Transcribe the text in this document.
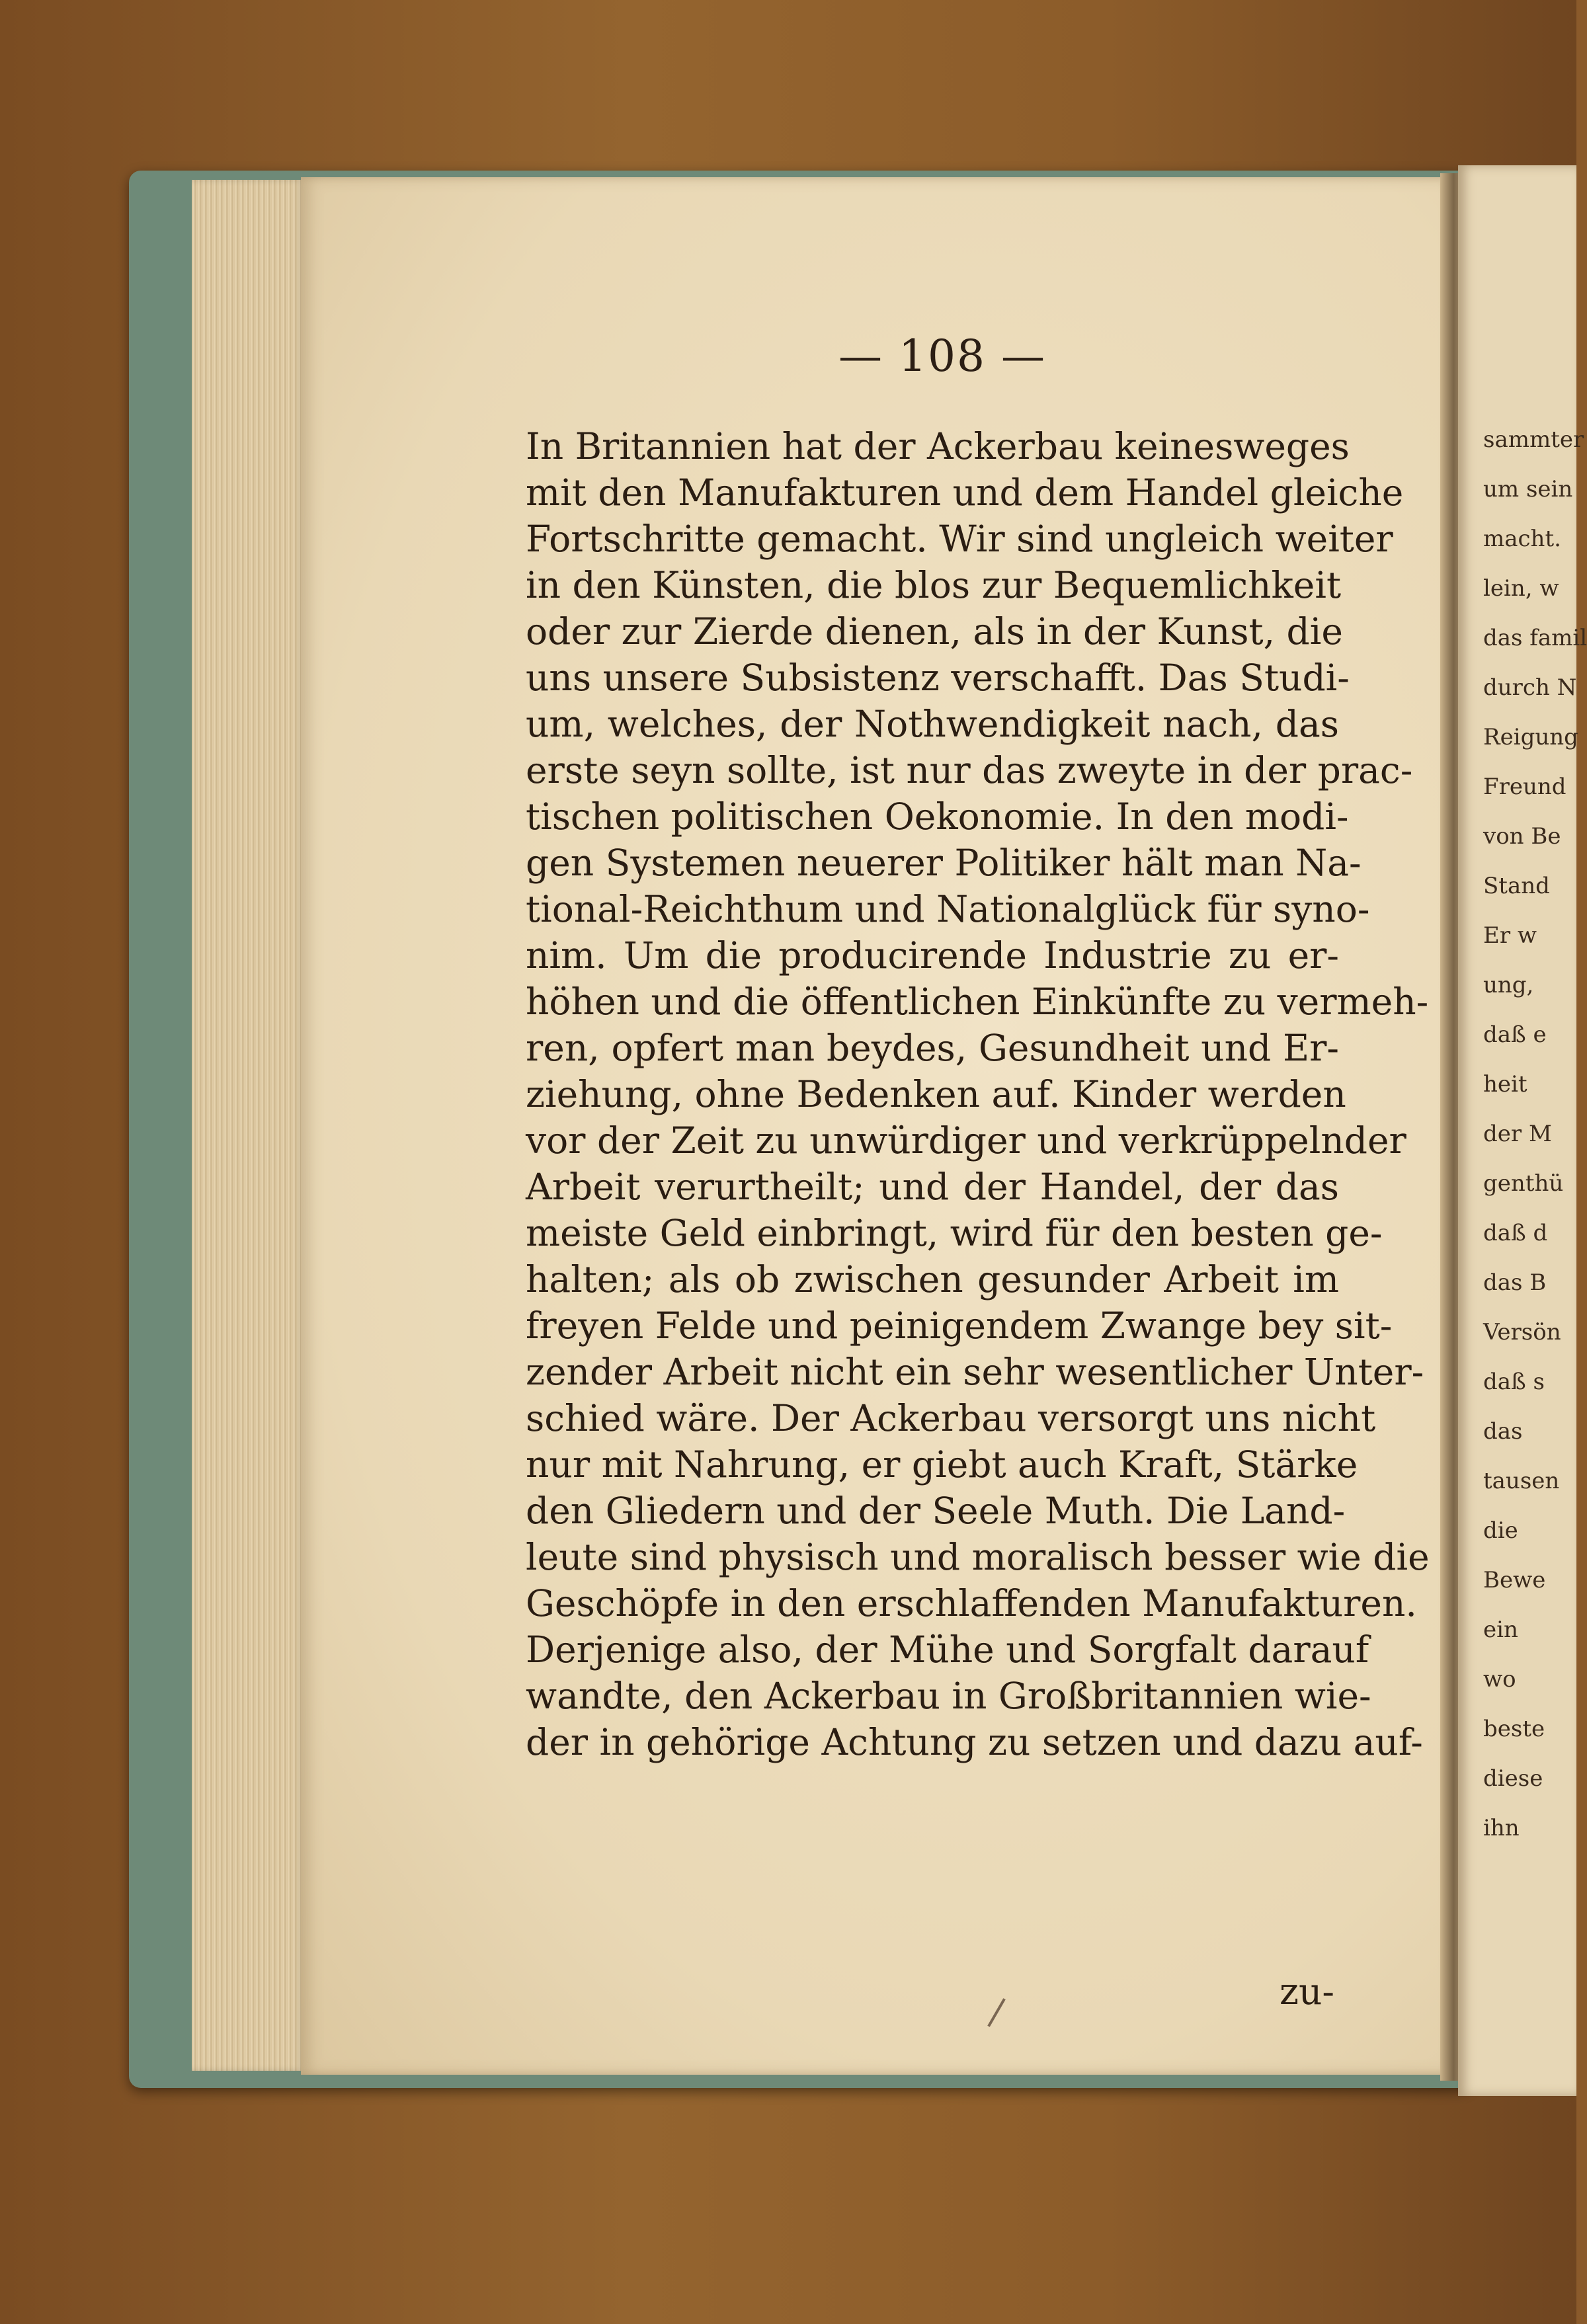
— 108 —
In Britannien hat der Ackerbau keinesweges
mit den Manufakturen und dem Handel gleiche
Fortschritte gemacht. Wir sind ungleich weiter
in den Künsten, die blos zur Bequemlichkeit
oder zur Zierde dienen, als in der Kunst, die
uns unsere Subsistenz verschafft. Das Studi-
um, welches, der Nothwendigkeit nach, das
erste seyn sollte, ist nur das zweyte in der prac-
tischen politischen Oekonomie. In den modi-
gen Systemen neuerer Politiker hält man Na-
tional-Reichthum und Nationalglück für syno-
nim. Um die producirende Industrie zu er-
höhen und die öffentlichen Einkünfte zu vermeh-
ren, opfert man beydes, Gesundheit und Er-
ziehung, ohne Bedenken auf. Kinder werden
vor der Zeit zu unwürdiger und verkrüppelnder
Arbeit verurtheilt; und der Handel, der das
meiste Geld einbringt, wird für den besten ge-
halten; als ob zwischen gesunder Arbeit im
freyen Felde und peinigendem Zwange bey sit-
zender Arbeit nicht ein sehr wesentlicher Unter-
schied wäre. Der Ackerbau versorgt uns nicht
nur mit Nahrung, er giebt auch Kraft, Stärke
den Gliedern und der Seele Muth. Die Land-
leute sind physisch und moralisch besser wie die
Geschöpfe in den erschlaffenden Manufakturen.
Derjenige also, der Mühe und Sorgfalt darauf
wandte, den Ackerbau in Großbritannien wie-
der in gehörige Achtung zu setzen und dazu auf-
zu-
sammter
um sein
macht.
lein, w
das famil
durch N
Reigung
Freund
von Be
Stand
Er w
ung,
daß e
heit
der M
genthü
daß d
das B
Versön
daß s
das
tausen
die
Bewe
ein
wo
beste
diese
ihn
